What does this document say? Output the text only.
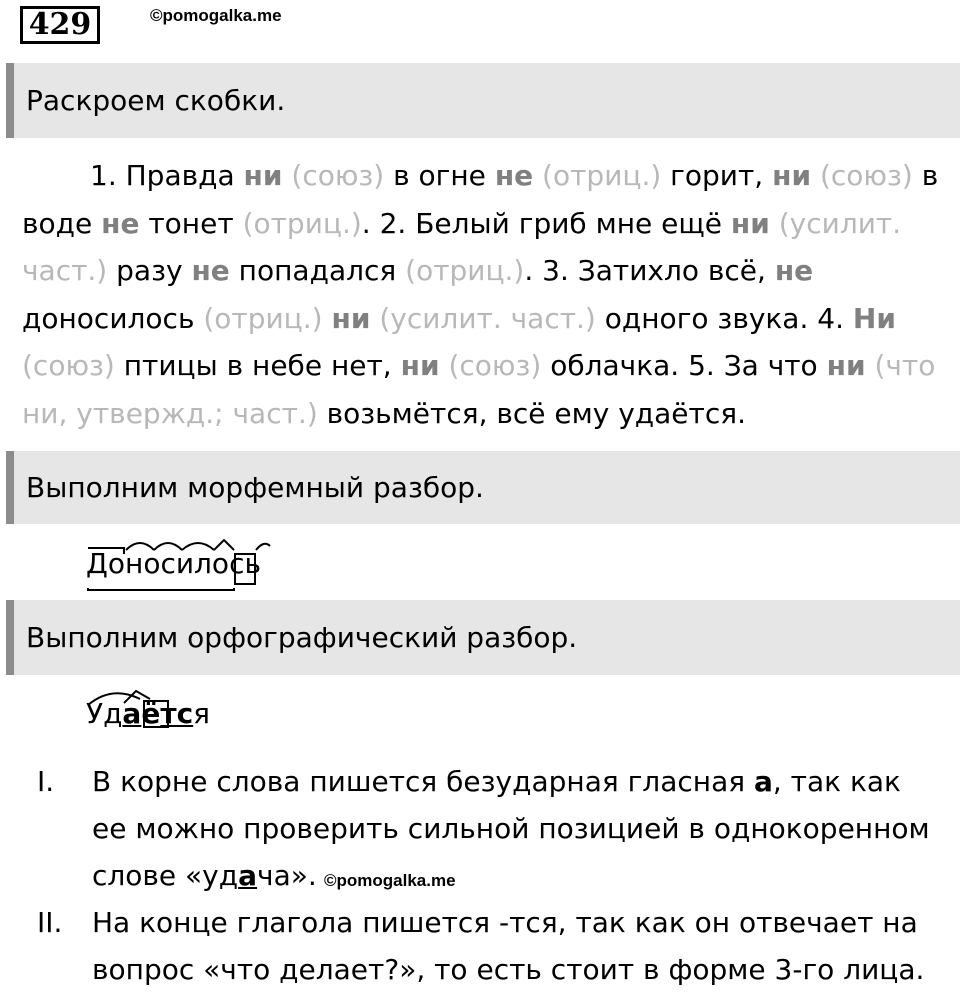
429	©pomogalka.me
Раскроем скобки.

1. Правда ни (союз) в огне не (отриц.) горит, ни (союз) в воде не тонет (отриц.). 2. Белый гриб мне ещё ни (усилит. част.) разу не попадался (отриц.). 3. Затихло всё, не доносилось (отриц.) ни (усилит. част.) одного звука. 4. Ни (союз) птицы в небе нет, ни (союз) облачка. 5. За что ни (что ни, утвержд.; част.) возьмётся, всё ему удаётся.

Выполним морфемный разбор.
Доносилось
Выполним орфографический разбор.
Удаётся
I. В корне слова пишется безударная гласная а, так как ее можно проверить сильной позицией в однокоренном слове «удача».
II. На конце глагола пишется -тся, так как он отвечает на вопрос «что делает?», то есть стоит в форме 3-го лица.
©pomogalka.me
